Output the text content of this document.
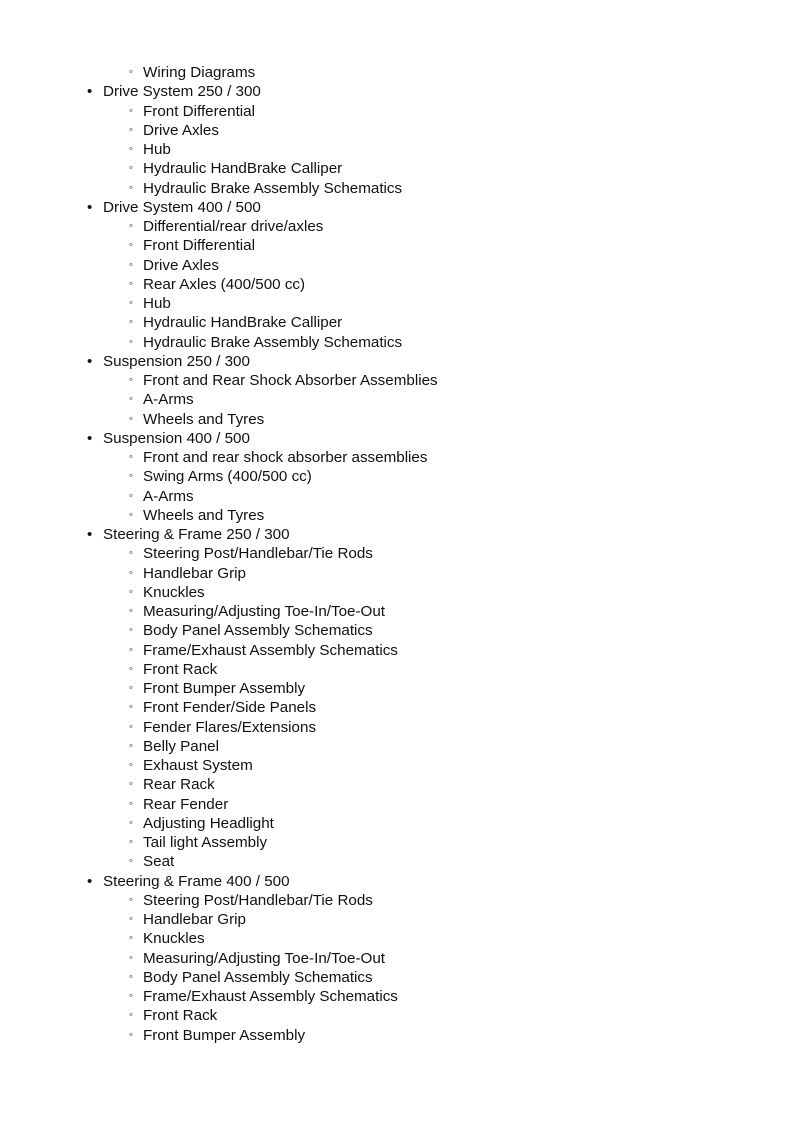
◦ Wiring Diagrams
• Drive System 250 / 300
◦ Front Differential
◦ Drive Axles
◦ Hub
◦ Hydraulic HandBrake Calliper
◦ Hydraulic Brake Assembly Schematics
• Drive System 400 / 500
◦ Differential/rear drive/axles
◦ Front Differential
◦ Drive Axles
◦ Rear Axles (400/500 cc)
◦ Hub
◦ Hydraulic HandBrake Calliper
◦ Hydraulic Brake Assembly Schematics
• Suspension 250 / 300
◦ Front and Rear Shock Absorber Assemblies
◦ A-Arms
◦ Wheels and Tyres
• Suspension 400 / 500
◦ Front and rear shock absorber assemblies
◦ Swing Arms (400/500 cc)
◦ A-Arms
◦ Wheels and Tyres
• Steering & Frame 250 / 300
◦ Steering Post/Handlebar/Tie Rods
◦ Handlebar Grip
◦ Knuckles
◦ Measuring/Adjusting Toe-In/Toe-Out
◦ Body Panel Assembly Schematics
◦ Frame/Exhaust Assembly Schematics
◦ Front Rack
◦ Front Bumper Assembly
◦ Front Fender/Side Panels
◦ Fender Flares/Extensions
◦ Belly Panel
◦ Exhaust System
◦ Rear Rack
◦ Rear Fender
◦ Adjusting Headlight
◦ Tail light Assembly
◦ Seat
• Steering & Frame 400 / 500
◦ Steering Post/Handlebar/Tie Rods
◦ Handlebar Grip
◦ Knuckles
◦ Measuring/Adjusting Toe-In/Toe-Out
◦ Body Panel Assembly Schematics
◦ Frame/Exhaust Assembly Schematics
◦ Front Rack
◦ Front Bumper Assembly
